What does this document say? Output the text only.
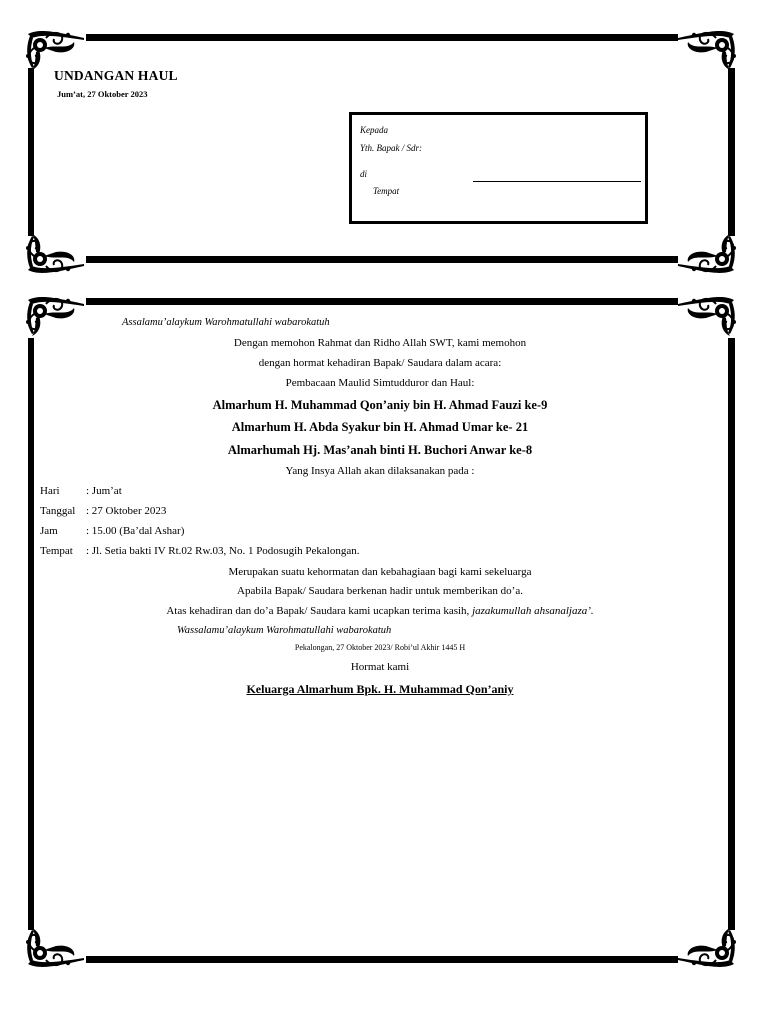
UNDANGAN HAUL
Jum’at, 27 Oktober 2023
Kepada
Yth. Bapak / Sdr:
di
Tempat
Assalamu’alaykum Warohmatullahi wabarokatuh
Dengan memohon Rahmat dan Ridho Allah SWT, kami memohon
dengan hormat kehadiran Bapak/ Saudara dalam acara:
Pembacaan Maulid Simtudduror dan Haul:
Almarhum H. Muhammad Qon’aniy bin H. Ahmad Fauzi ke-9
Almarhum H. Abda Syakur bin H. Ahmad Umar ke- 21
Almarhumah Hj. Mas’anah binti H. Buchori Anwar ke-8
Yang Insya Allah akan dilaksanakan pada :
Hari : Jum’at
Tanggal : 27 Oktober 2023
Jam	: 15.00 (Ba’dal Ashar)
Tempat : Jl. Setia bakti IV Rt.02 Rw.03, No. 1 Podosugih Pekalongan.
Merupakan suatu kehormatan dan kebahagiaan bagi kami sekeluarga
Apabila Bapak/ Saudara berkenan hadir untuk memberikan do’a.
Atas kehadiran dan do’a Bapak/ Saudara kami ucapkan terima kasih, jazakumullah ahsanaljaza’.
Wassalamu’alaykum Warohmatullahi wabarokatuh
Pekalongan, 27 Oktober 2023/ Robi’ul Akhir 1445 H
Hormat kami
Keluarga Almarhum Bpk. H. Muhammad Qon’aniy
